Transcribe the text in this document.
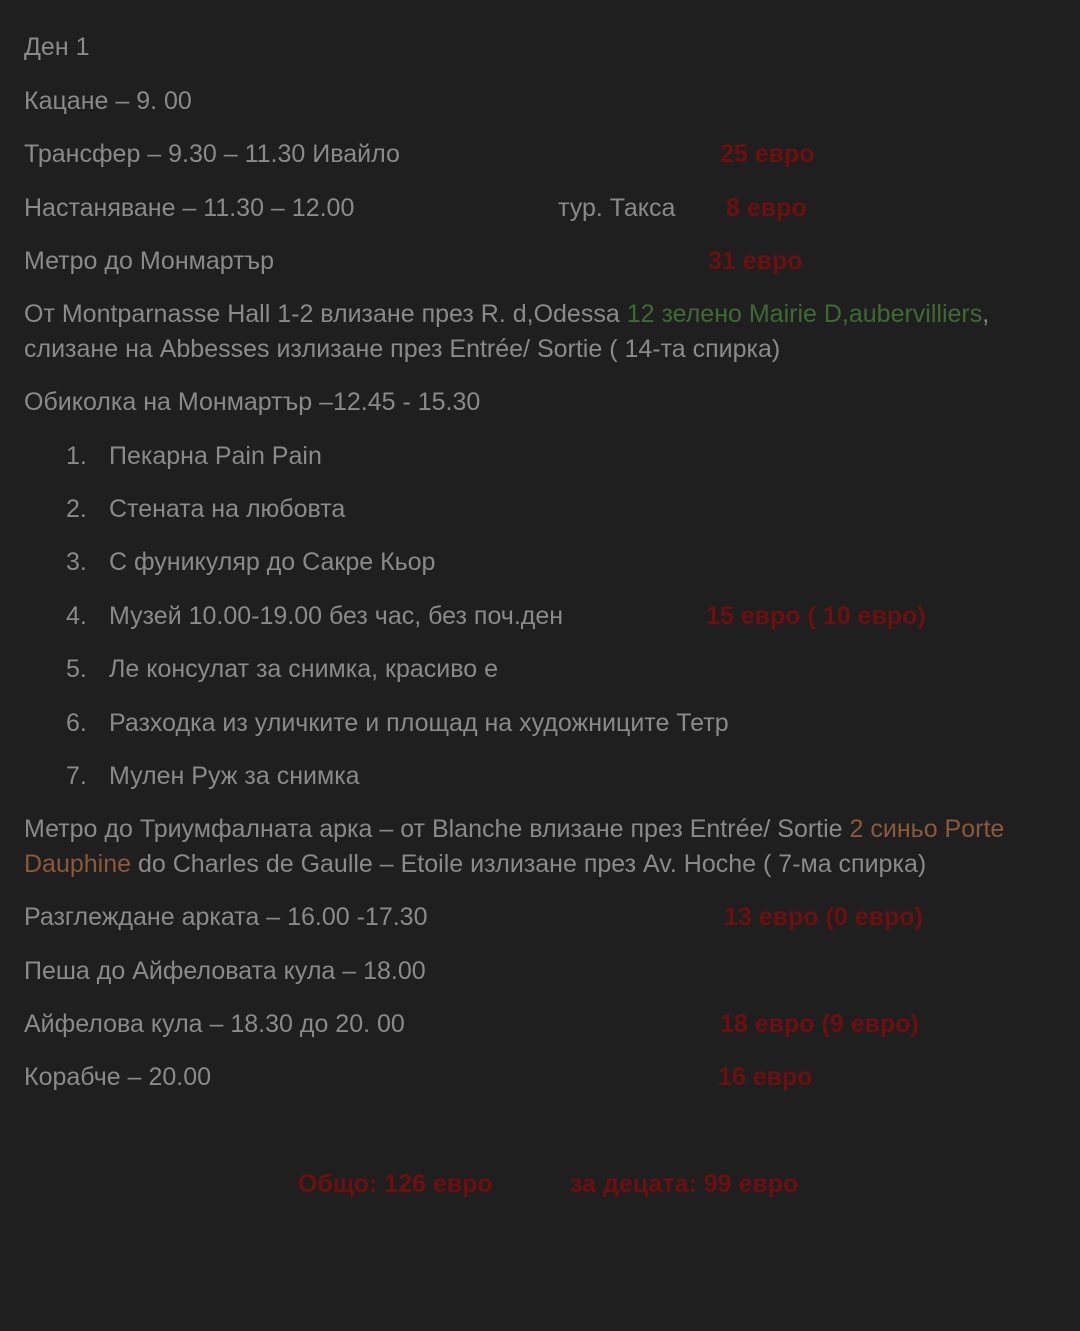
Ден 1
Кацане – 9. 00
Трансфер – 9.30 – 11.30 Ивайло	25 евро
Настаняване – 11.30 – 12.00	тур. Такса 8 евро
Метро до Монмартър	31 евро
От Montparnasse Hall 1-2 влизане през R. d,Odessa 12 зелено Mairie D,aubervilliers,
слизане на Abbesses излизане през Entrée/ Sortie ( 14-та спирка)
Обиколка на Монмартър –12.45 - 15.30
1. Пекарна Pain Pain
2. Стената на любовта
3. С фуникуляр до Сакре Кьор
4. Музей 10.00-19.00 без час, без поч.ден	15 евро ( 10 евро)
5. Ле консулат за снимка, красиво е
6. Разходка из уличките и площад на художниците Тетр
7. Мулен Руж за снимка
Метро до Триумфалната арка – от Blanche влизане през Entrée/ Sortie 2 синьо Porte
Dauphine do Charles de Gaulle – Etoile излизане през Av. Hoche ( 7-ма спирка)
Разглеждане арката – 16.00 -17.30	13 евро (0 евро)
Пеша до Айфеловата кула – 18.00
Айфелова кула – 18.30 до 20. 00	18 евро (9 евро)
Корабче – 20.00	16 евро
Общо: 126 евро	за децата: 99 евро
